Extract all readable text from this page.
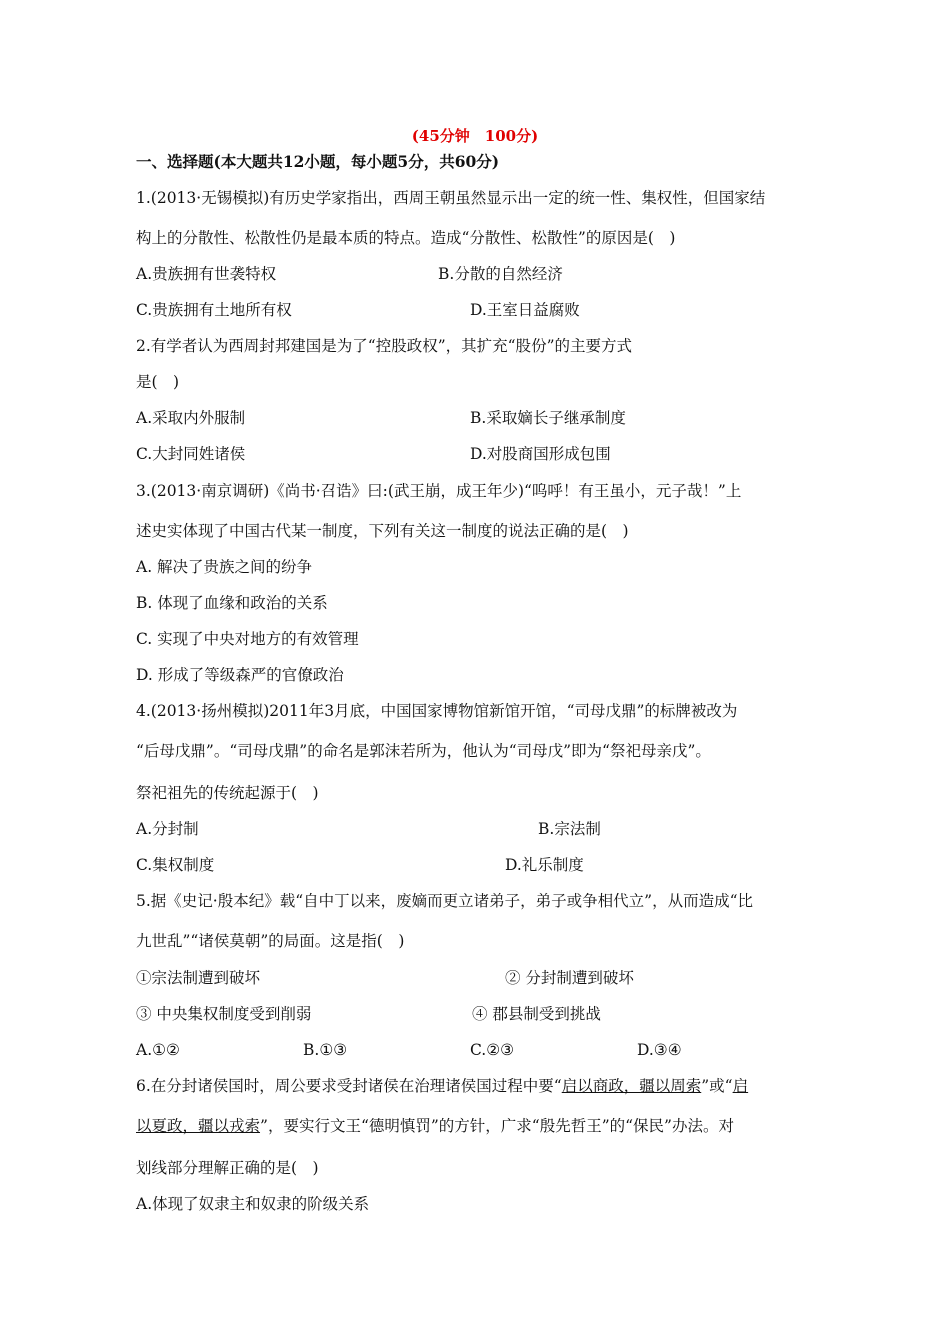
(45分钟　100分)
一、选择题(本大题共12小题，每小题5分，共60分)
1.(2013·无锡模拟)有历史学家指出，西周王朝虽然显示出一定的统一性、集权性，但国家结
构上的分散性、松散性仍是最本质的特点。造成“分散性、松散性”的原因是(　)
A.贵族拥有世袭特权	B.分散的自然经济
C.贵族拥有土地所有权	D.王室日益腐败
2.有学者认为西周封邦建国是为了“控股政权”，其扩充“股份”的主要方式
是(　)
A.采取内外服制	B.采取嫡长子继承制度
C.大封同姓诸侯	D.对股商国形成包围
3.(2013·南京调研)《尚书·召诰》曰:(武王崩，成王年少)“呜呼！有王虽小，元子哉！”上
述史实体现了中国古代某一制度，下列有关这一制度的说法正确的是(　)
A. 解决了贵族之间的纷争
B. 体现了血缘和政治的关系
C. 实现了中央对地方的有效管理
D. 形成了等级森严的官僚政治
4.(2013·扬州模拟)2011年3月底，中国国家博物馆新馆开馆，“司母戊鼎”的标牌被改为
“后母戊鼎”。“司母戊鼎”的命名是郭沫若所为，他认为“司母戊”即为“祭祀母亲戊”。
祭祀祖先的传统起源于(　)
A.分封制	B.宗法制
C.集权制度	D.礼乐制度
5.据《史记·殷本纪》载“自中丁以来，废嫡而更立诸弟子，弟子或争相代立”，从而造成“比
九世乱”“诸侯莫朝”的局面。这是指(　)
①宗法制遭到破坏	② 分封制遭到破坏
③ 中央集权制度受到削弱	④ 郡县制受到挑战
A.①②	B.①③	C.②③	D.③④
6.在分封诸侯国时，周公要求受封诸侯在治理诸侯国过程中要“启以商政，疆以周索”或“启
以夏政，疆以戎索”，要实行文王“德明慎罚”的方针，广求“殷先哲王”的“保民”办法。对
划线部分理解正确的是(　)
A.体现了奴隶主和奴隶的阶级关系
